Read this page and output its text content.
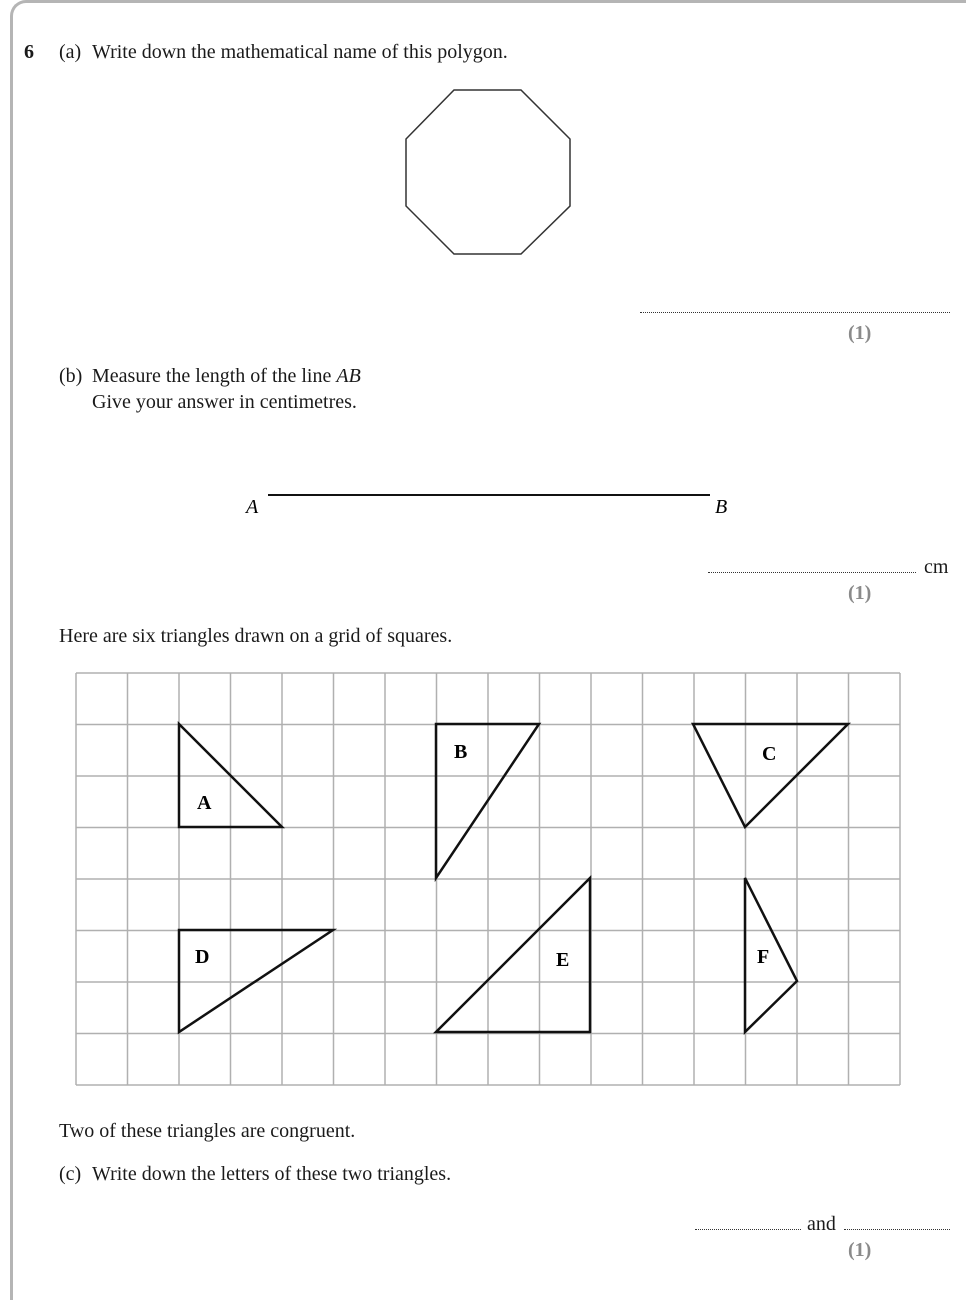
6 (a) Write down the mathematical name of this polygon.
A	B
A
B	C
D	E	F
(1)
(b) Measure the length of the line AB
Give your answer in centimetres.
cm
(1)
Here are six triangles drawn on a grid of squares.
Two of these triangles are congruent.
(c) Write down the letters of these two triangles.
and
(1)
